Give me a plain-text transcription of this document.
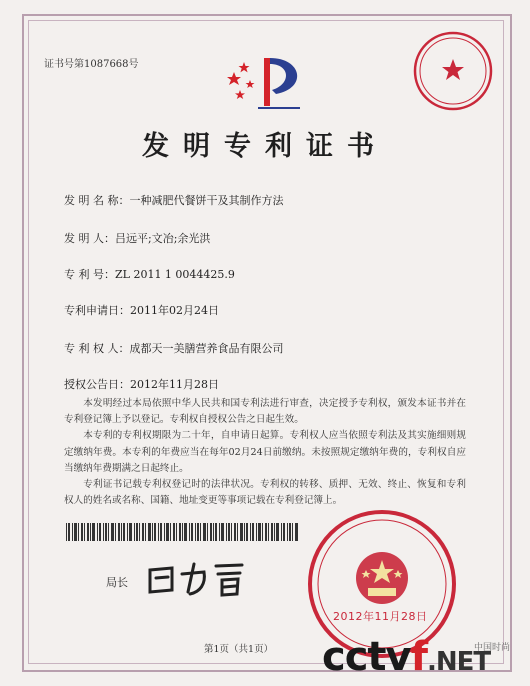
证书号第1087668号
发明专利证书
发 明 名 称：一种减肥代餐饼干及其制作方法
发 明 人：吕远平;文冶;余光洪
专 利 号：ZL 2011 1 0044425.9
专利申请日：2011年02月24日
专 利 权 人：成都天一美膳营养食品有限公司
授权公告日：2012年11月28日

本发明经过本局依照中华人民共和国专利法进行审查，决定授予专利权，颁发本证书并在专利登记簿上予以登记。专利权自授权公告之日起生效。

本专利的专利权期限为二十年，自申请日起算。专利权人应当依照专利法及其实施细则规定缴纳年费。本专利的年费应当在每年02月24日前缴纳。未按照规定缴纳年费的，专利权自应当缴纳年费期满之日起终止。

专利证书记载专利权登记时的法律状况。专利权的转移、质押、无效、终止、恢复和专利权人的姓名或名称、国籍、地址变更等事项记载在专利登记簿上。

局长
2012年11月28日
第1页（共1页） cctvf.NET
中国时尚
